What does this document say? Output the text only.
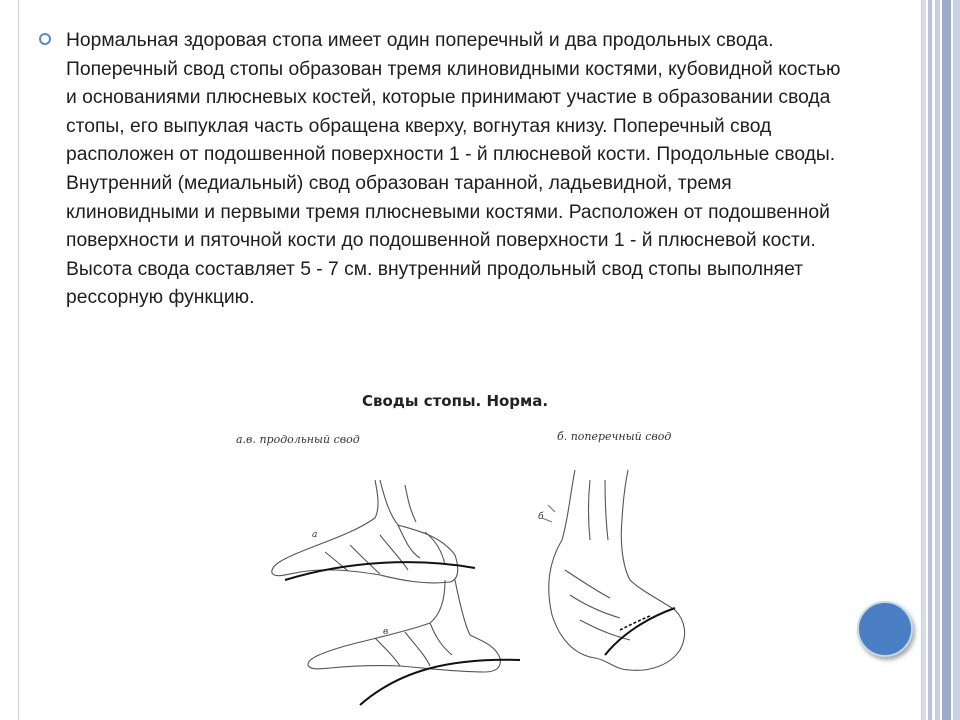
Нормальная здоровая стопа имеет один поперечный и два продольных свода. Поперечный свод стопы образован тремя клиновидными костями, кубовидной костью и основаниями плюсневых костей, которые принимают участие в образовании свода стопы, его выпуклая часть обращена кверху, вогнутая книзу. Поперечный свод расположен от подошвенной поверхности 1 - й плюсневой кости. Продольные своды. Внутренний (медиальный) свод образован таранной, ладьевидной, тремя клиновидными и первыми тремя плюсневыми костями. Расположен от подошвенной поверхности и пяточной кости до подошвенной поверхности 1 - й плюсневой кости. Высота свода составляет 5 - 7 см. внутренний продольный свод стопы выполняет рессорную функцию.

Своды стопы. Норма.
а.в. продольный свод	б. поперечный свод
а
б
в
